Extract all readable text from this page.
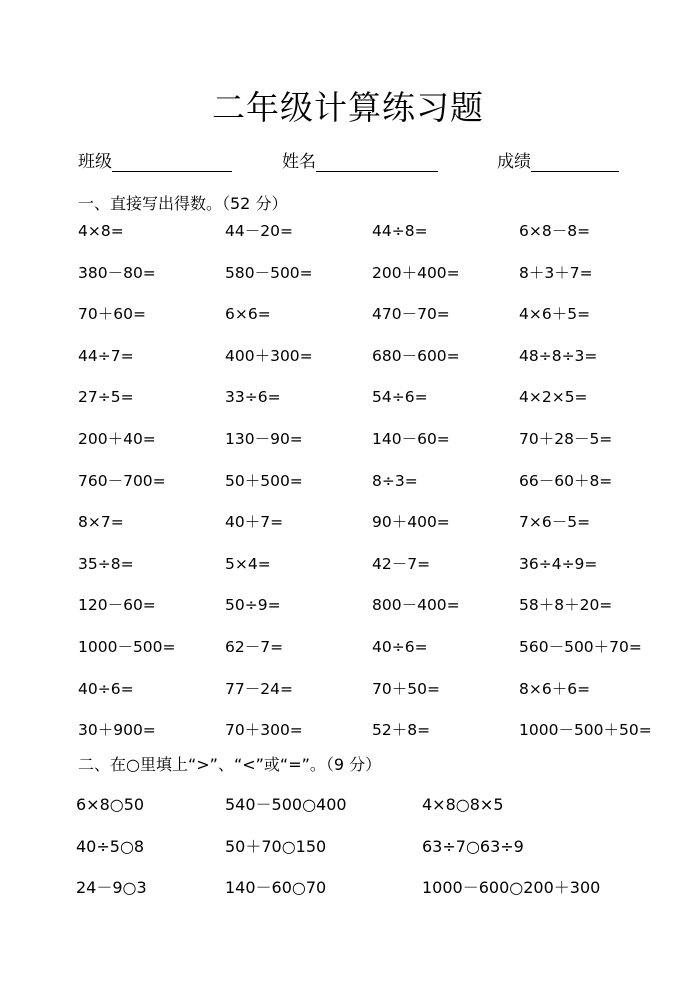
二年级计算练习题
班级	姓名	成绩
一、直接写出得数。（52 分）
4×8=	44－20=	44÷8=	6×8－8=
380－80=	580－500=	200＋400=	8＋3＋7=
70＋60=	6×6=	470－70=	4×6＋5=
44÷7=	400＋300=	680－600=	48÷8÷3=
27÷5=	33÷6=	54÷6=	4×2×5=
200＋40=	130－90=	140－60=	70＋28－5=
760－700=	50＋500=	8÷3=	66－60＋8=
8×7=	40＋7=	90＋400=	7×6－5=
35÷8=	5×4=	42－7=	36÷4÷9=
120－60=	50÷9=	800－400=	58＋8＋20=
1000－500=	62－7=	40÷6=	560－500＋70=
40÷6=	77－24=	70＋50=	8×6＋6=
30＋900=	70＋300=	52＋8=	1000－500＋50=
二、在○里填上“>”、“<”或“=”。（9 分）
6×8○50	540－500○400	4×8○8×5
40÷5○8	50＋70○150	63÷7○63÷9
24－9○3	140－60○70	1000－600○200＋300
